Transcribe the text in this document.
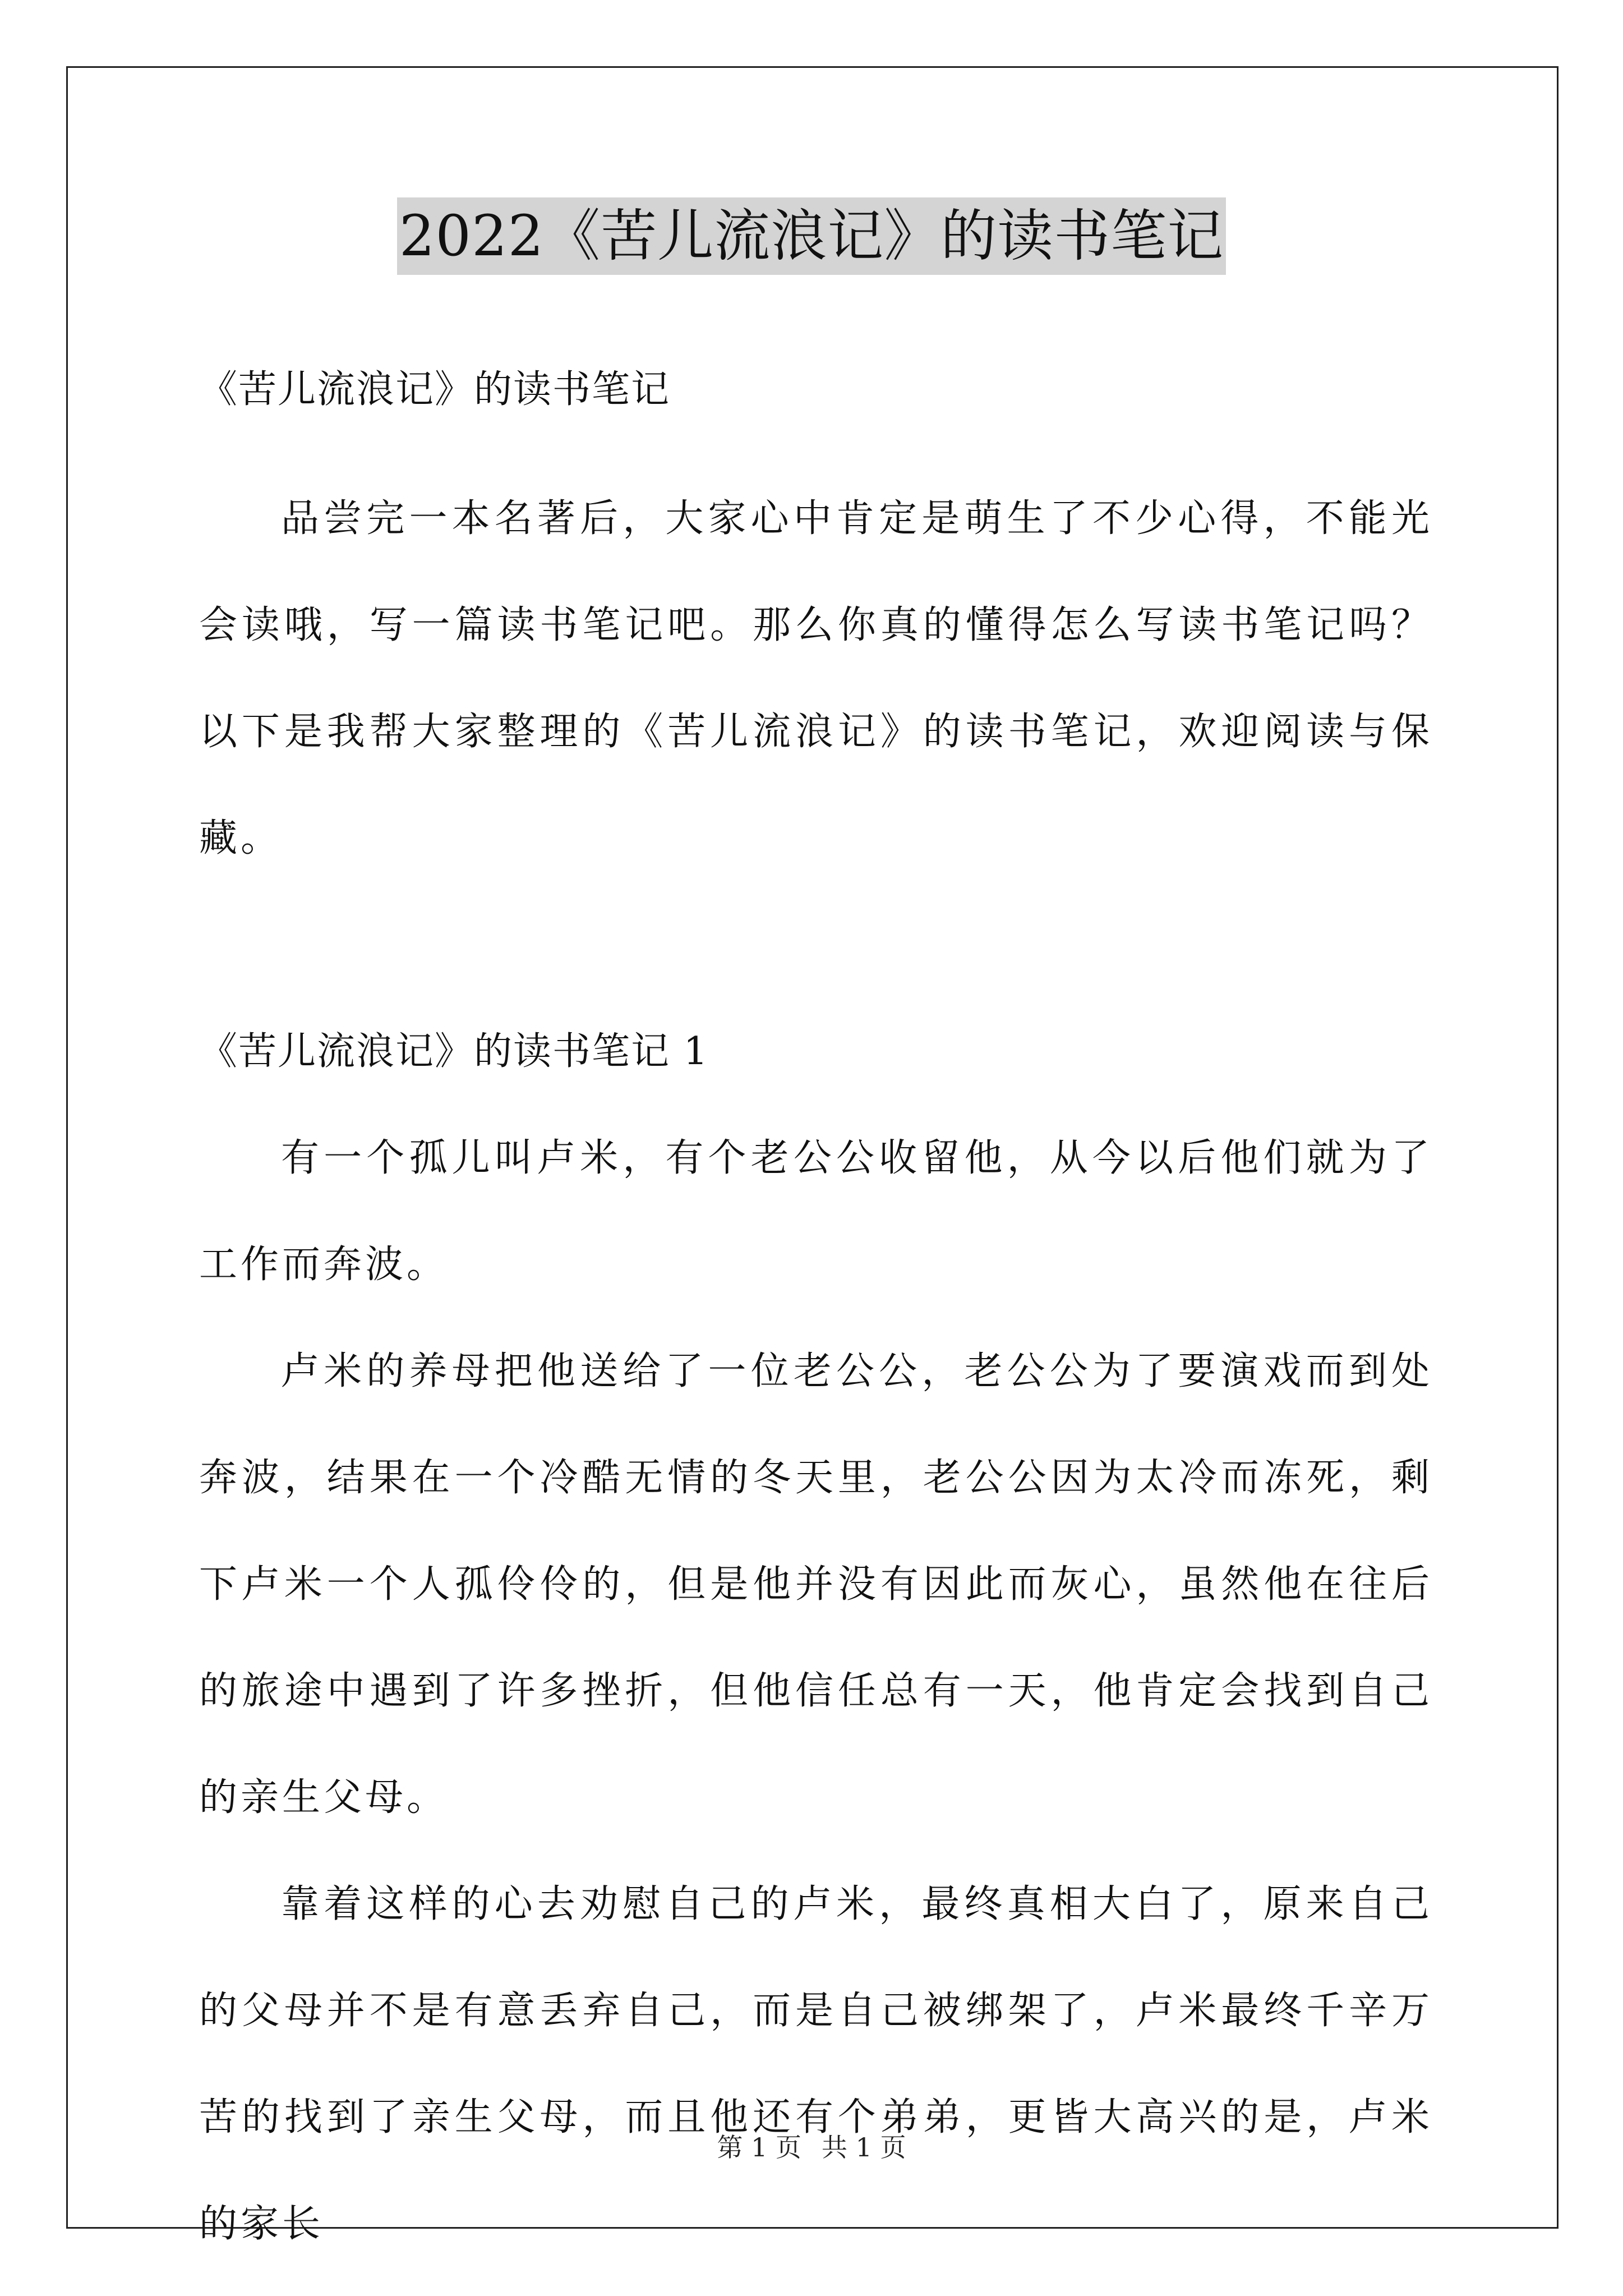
2022《苦儿流浪记》的读书笔记

《苦儿流浪记》的读书笔记

品尝完一本名著后，大家心中肯定是萌生了不少心得，不能光会读哦，写一篇读书笔记吧。那么你真的懂得怎么写读书笔记吗？以下是我帮大家整理的《苦儿流浪记》的读书笔记，欢迎阅读与保藏。

《苦儿流浪记》的读书笔记 1

有一个孤儿叫卢米，有个老公公收留他，从今以后他们就为了工作而奔波。

卢米的养母把他送给了一位老公公，老公公为了要演戏而到处奔波，结果在一个冷酷无情的冬天里，老公公因为太冷而冻死，剩下卢米一个人孤伶伶的，但是他并没有因此而灰心，虽然他在往后的旅途中遇到了许多挫折，但他信任总有一天，他肯定会找到自己的亲生父母。

靠着这样的心去劝慰自己的卢米，最终真相大白了，原来自己的父母并不是有意丢弃自己，而是自己被绑架了，卢米最终千辛万苦的找到了亲生父母，而且他还有个弟弟，更皆大高兴的是，卢米的家长

第 1 页 共 1 页
